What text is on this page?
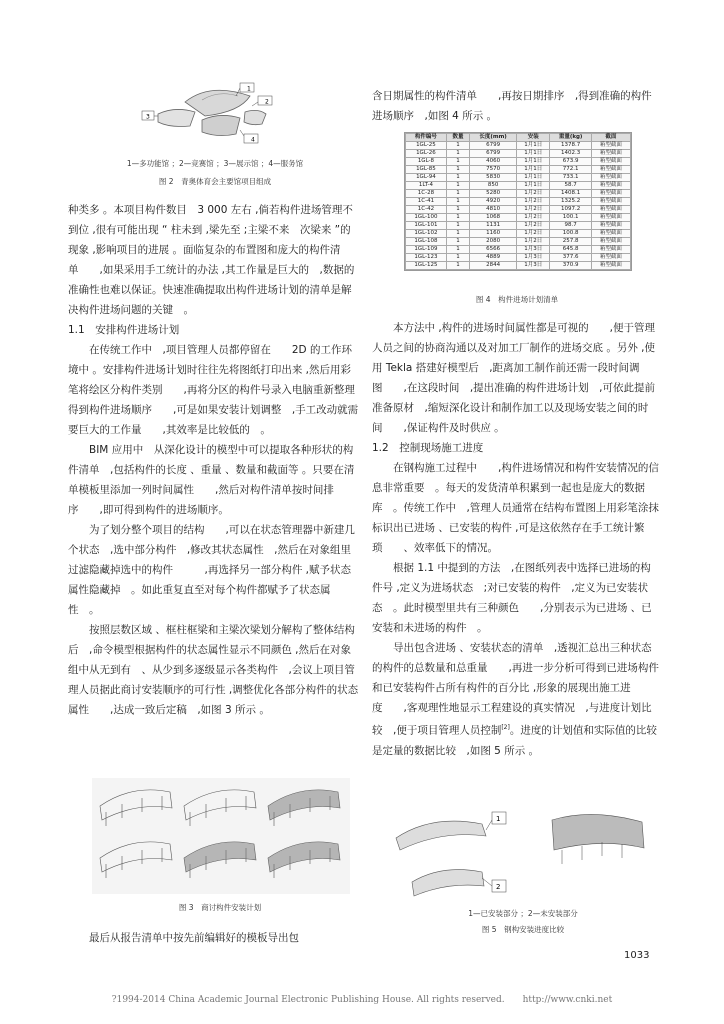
1
2
3
4
1—多功能馆 ；2—竞赛馆 ；3—展示馆 ；4—服务馆
图 2　青奥体育会主要馆项目组成

种类多 。本项目构件数目　3 000 左右 ,倘若构件进场管理不到位 ,很有可能出现 “ 柱未到 ,梁先至 ;主梁不来　次梁来 ”的现象 ,影响项目的进展 。面临复杂的布置图和庞大的构件清单　　,如果采用手工统计的办法 ,其工作量是巨大的　,数据的准确性也难以保证。快速准确提取出构件进场计划的清单是解决构件进场问题的关键　。

1.1　安排构件进场计划

在传统工作中　,项目管理人员都停留在　　2D 的工作环境中 。安排构件进场计划时往往先将图纸打印出来 ,然后用彩笔将绘区分构件类别　　,再将分区的构件号录入电脑重新整理得到构件进场顺序　　,可是如果安装计划调整　,手工改动就需要巨大的工作量　　,其效率是比较低的　。

BIM 应用中　从深化设计的模型中可以提取各种形状的构件清单　,包括构件的长度 、重量 、数量和截面等 。只要在清单模板里添加一列时间属性　　,然后对构件清单按时间排序　　,即可得到构件的进场顺序。

为了划分整个项目的结构　　,可以在状态管理器中新建几个状态　,选中部分构件　,修改其状态属性　,然后在对象组里过滤隐藏掉选中的构件　　　,再选择另一部分构件 ,赋予状态属性隐藏掉　。如此重复直至对每个构件都赋予了状态属性　。

按照层数区域 、框柱框梁和主梁次梁划分解构了整体结构后　,命令模型根据构件的状态属性显示不同颜色 ,然后在对象组中从无到有　、从少到多逐级显示各类构件　,会议上项目管理人员据此商讨安装顺序的可行性 ,调整优化各部分构件的状态属性　　,达成一致后定稿　,如图 3 所示 。

图 3　商讨构件安装计划

最后从报告清单中按先前编辑好的模板导出包

含日期属性的构件清单　　,再按日期排序　,得到准确的构件进场顺序　,如图 4 所示 。

构件编号	数量	长度(mm)	安装	重量(kg)	截面
1GL-25	1	6799	1月1日	1378.7	箱型截面
1GL-26	1	6799	1月1日	1402.3	箱型截面
1GL-8	1	4060	1月1日	673.9	箱型截面
1GL-85	1	7570	1月1日	772.1	箱型截面
1GL-94	1	5830	1月1日	733.1	箱型截面
1LT-4	1	850	1月1日	58.7	箱型截面
1C-28	1	5280	1月2日	1408.1	箱型截面
1C-41	1	4920	1月2日	1325.2	箱型截面
1C-42	1	4810	1月2日	1097.2	箱型截面
1GL-100	1	1068	1月2日	100.1	箱型截面
1GL-101	1	1131	1月2日	98.7	箱型截面
1GL-102	1	1160	1月2日	100.8	箱型截面
1GL-108	1	2080	1月2日	257.8	箱型截面
1GL-109	1	6566	1月3日	645.8	箱型截面
1GL-123	1	4889	1月3日	377.6	箱型截面
1GL-125	1	2844	1月3日	370.9	箱型截面
图 4　构件进场计划清单

本方法中 ,构件的进场时间属性都是可视的　　,便于管理人员之间的协商沟通以及对加工厂制作的进场交底 。另外 ,使用 Tekla 搭建好模型后　,距离加工制作前还需一段时间调图　　,在这段时间　,提出准确的构件进场计划　,可依此提前准备原材　,缩短深化设计和制作加工以及现场安装之间的时间　　,保证构件及时供应 。

1.2　控制现场施工进度

在钢构施工过程中　　,构件进场情况和构件安装情况的信息非常重要　。每天的发货清单积累到一起也是庞大的数据库　。传统工作中　,管理人员通常在结构布置图上用彩笔涂抹　　标识出已进场 、已安装的构件 ,可是这依然存在手工统计繁琐　　、效率低下的情况。

根据 1.1 中提到的方法　,在图纸列表中选择已进场的构件号 ,定义为进场状态　;对已安装的构件　,定义为已安装状态　。此时模型里共有三种颜色　　,分别表示为已进场 、已安装和未进场的构件　。

导出包含进场 、安装状态的清单　,透视汇总出三种状态的构件的总数量和总重量　　,再进一步分析可得到已进场构件和已安装构件占所有构件的百分比 ,形象的展现出施工进度　　,客观理性地显示工程建设的真实情况　,与进度计划比较　,便于项目管理人员控制[2]。进度的计划值和实际值的比较是定量的数据比较　,如图 5 所示 。

1
2
1—已安装部分 ；2—未安装部分
图 5　钢构安装进度比较
1033
?1994-2014 China Academic Journal Electronic Publishing House. All rights reserved.　　http://www.cnki.net
